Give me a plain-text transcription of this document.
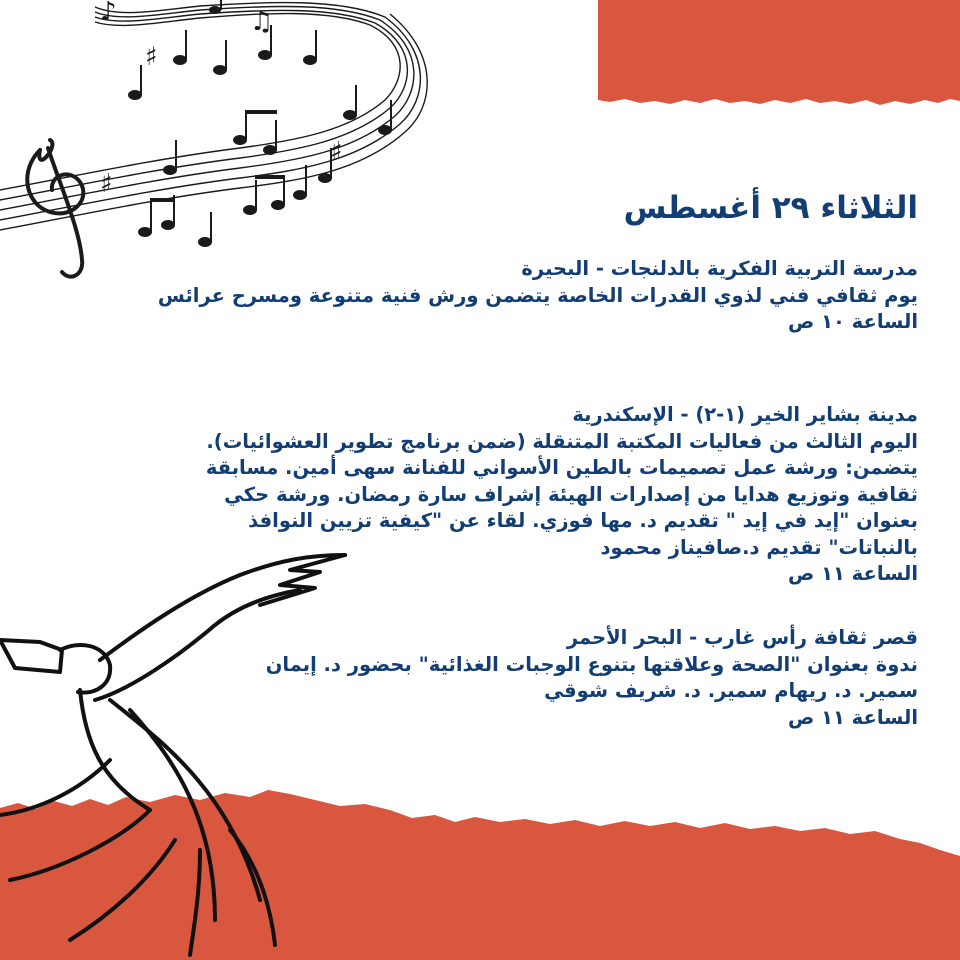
♯
♯
♯
♪	♫
الثلاثاء ٢٩ أغسطس
مدرسة التربية الفكرية بالدلنجات - البحيرة
يوم ثقافي فني لذوي القدرات الخاصة يتضمن ورش فنية متنوعة ومسرح عرائس
الساعة ١٠ ص
مدينة بشاير الخير (١-٢) - الإسكندرية
اليوم الثالث من فعاليات المكتبة المتنقلة (ضمن برنامج تطوير العشوائيات).
يتضمن: ورشة عمل تصميمات بالطين الأسواني للفنانة سهى أمين. مسابقة
ثقافية وتوزيع هدايا من إصدارات الهيئة إشراف سارة رمضان. ورشة حكي
بعنوان "إيد في إيد " تقديم د. مها فوزي. لقاء عن "كيفية تزيين النوافذ
بالنباتات" تقديم د.صافيناز محمود
الساعة ١١ ص
قصر ثقافة رأس غارب - البحر الأحمر
ندوة بعنوان "الصحة وعلاقتها بتنوع الوجبات الغذائية" بحضور د. إيمان
سمير. د. ريهام سمير. د. شريف شوقي
الساعة ١١ ص
